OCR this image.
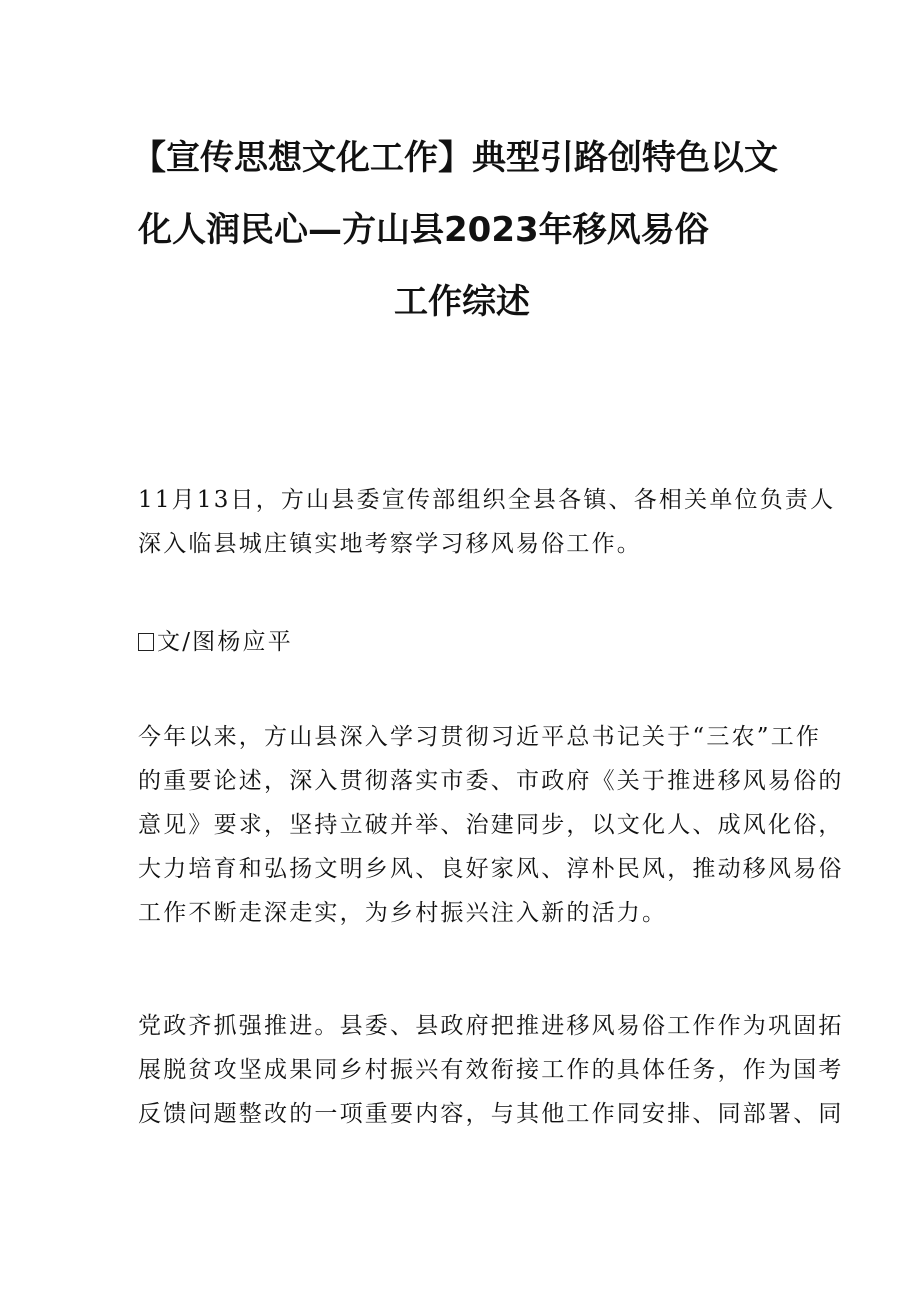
【宣传思想文化工作】典型引路创特色以文
化人润民心—方山县2023年移风易俗
工作综述
11月13日，方山县委宣传部组织全县各镇、各相关单位负责人
深入临县城庄镇实地考察学习移风易俗工作。
文/图杨应平
今年以来，方山县深入学习贯彻习近平总书记关于“三农”工作
的重要论述，深入贯彻落实市委、市政府《关于推进移风易俗的
意见》要求，坚持立破并举、治建同步，以文化人、成风化俗，
大力培育和弘扬文明乡风、良好家风、淳朴民风，推动移风易俗
工作不断走深走实，为乡村振兴注入新的活力。
党政齐抓强推进。县委、县政府把推进移风易俗工作作为巩固拓
展脱贫攻坚成果同乡村振兴有效衔接工作的具体任务，作为国考
反馈问题整改的一项重要内容，与其他工作同安排、同部署、同
